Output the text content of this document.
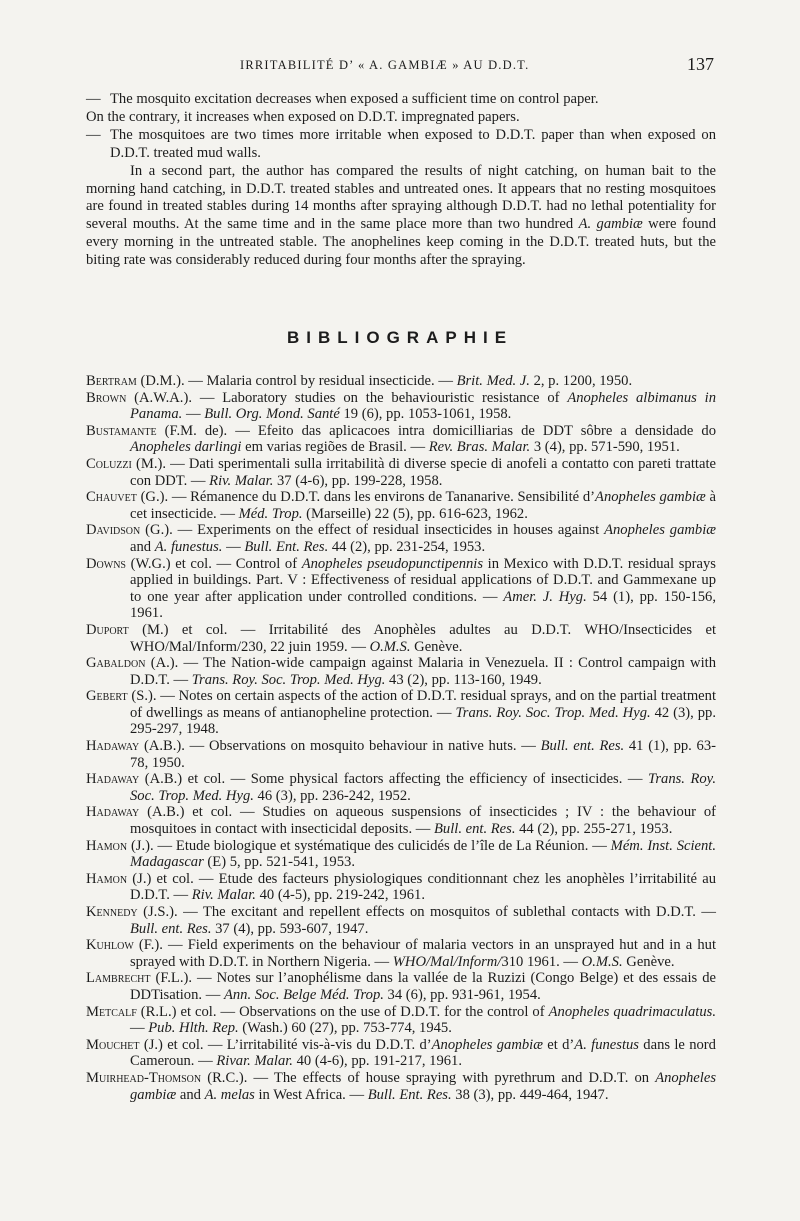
IRRITABILITÉ D’ « A. GAMBIÆ » AU D.D.T.	137

— The mosquito excitation decreases when exposed a sufficient time on control paper.

On the contrary, it increases when exposed on D.D.T. impregnated papers.

— The mosquitoes are two times more irritable when exposed to D.D.T. paper than when exposed on D.D.T. treated mud walls.

In a second part, the author has compared the results of night catching, on human bait to the morning hand catching, in D.D.T. treated stables and untreated ones. It appears that no resting mosquitoes are found in treated stables during 14 months after spraying although D.D.T. had no lethal potentiality for several mouths. At the same time and in the same place more than two hundred A. gambiæ were found every morning in the untreated stable. The anophelines keep coming in the D.D.T. treated huts, but the biting rate was considerably reduced during four months after the spraying.

BIBLIOGRAPHIE

Bertram (D.M.). — Malaria control by residual insecticide. — Brit. Med. J. 2, p. 1200, 1950.

Brown (A.W.A.). — Laboratory studies on the behaviouristic resistance of Anopheles albimanus in Panama. — Bull. Org. Mond. Santé 19 (6), pp. 1053-1061, 1958.

Bustamante (F.M. de). — Efeito das aplicacoes intra domicilliarias de DDT sôbre a densidade do Anopheles darlingi em varias regiões de Brasil. — Rev. Bras. Malar. 3 (4), pp. 571-590, 1951.

Coluzzi (M.). — Dati sperimentali sulla irritabilità di diverse specie di anofeli a contatto con pareti trattate con DDT. — Riv. Malar. 37 (4-6), pp. 199-228, 1958.

Chauvet (G.). — Rémanence du D.D.T. dans les environs de Tananarive. Sensibilité d’Anopheles gambiæ à cet insecticide. — Méd. Trop. (Marseille) 22 (5), pp. 616-623, 1962.

Davidson (G.). — Experiments on the effect of residual insecticides in houses against Anopheles gambiæ and A. funestus. — Bull. Ent. Res. 44 (2), pp. 231-254, 1953.

Downs (W.G.) et col. — Control of Anopheles pseudopunctipennis in Mexico with D.D.T. residual sprays applied in buildings. Part. V : Effectiveness of residual applications of D.D.T. and Gammexane up to one year after application under controlled conditions. — Amer. J. Hyg. 54 (1), pp. 150-156, 1961.

Duport (M.) et col. — Irritabilité des Anophèles adultes au D.D.T. WHO/Insecticides et WHO/Mal/Inform/230, 22 juin 1959. — O.M.S. Genève.

Gabaldon (A.). — The Nation-wide campaign against Malaria in Venezuela. II : Control campaign with D.D.T. — Trans. Roy. Soc. Trop. Med. Hyg. 43 (2), pp. 113-160, 1949.

Gebert (S.). — Notes on certain aspects of the action of D.D.T. residual sprays, and on the partial treatment of dwellings as means of antianopheline protection. — Trans. Roy. Soc. Trop. Med. Hyg. 42 (3), pp. 295-297, 1948.

Hadaway (A.B.). — Observations on mosquito behaviour in native huts. — Bull. ent. Res. 41 (1), pp. 63-78, 1950.

Hadaway (A.B.) et col. — Some physical factors affecting the efficiency of insecticides. — Trans. Roy. Soc. Trop. Med. Hyg. 46 (3), pp. 236-242, 1952.

Hadaway (A.B.) et col. — Studies on aqueous suspensions of insecticides ; IV : the behaviour of mosquitoes in contact with insecticidal deposits. — Bull. ent. Res. 44 (2), pp. 255-271, 1953.

Hamon (J.). — Etude biologique et systématique des culicidés de l’île de La Réunion. — Mém. Inst. Scient. Madagascar (E) 5, pp. 521-541, 1953.

Hamon (J.) et col. — Etude des facteurs physiologiques conditionnant chez les anophèles l’irritabilité au D.D.T. — Riv. Malar. 40 (4-5), pp. 219-242, 1961.

Kennedy (J.S.). — The excitant and repellent effects on mosquitos of sublethal contacts with D.D.T. — Bull. ent. Res. 37 (4), pp. 593-607, 1947.

Kuhlow (F.). — Field experiments on the behaviour of malaria vectors in an unsprayed hut and in a hut sprayed with D.D.T. in Northern Nigeria. — WHO/Mal/Inform/310 1961. — O.M.S. Genève.

Lambrecht (F.L.). — Notes sur l’anophélisme dans la vallée de la Ruzizi (Congo Belge) et des essais de DDTisation. — Ann. Soc. Belge Méd. Trop. 34 (6), pp. 931-961, 1954.

Metcalf (R.L.) et col. — Observations on the use of D.D.T. for the control of Anopheles quadrimaculatus. — Pub. Hlth. Rep. (Wash.) 60 (27), pp. 753-774, 1945.

Mouchet (J.) et col. — L’irritabilité vis-à-vis du D.D.T. d’Anopheles gambiæ et d’A. funestus dans le nord Cameroun. — Rivar. Malar. 40 (4-6), pp. 191-217, 1961.

Muirhead-Thomson (R.C.). — The effects of house spraying with pyrethrum and D.D.T. on Anopheles gambiæ and A. melas in West Africa. — Bull. Ent. Res. 38 (3), pp. 449-464, 1947.
